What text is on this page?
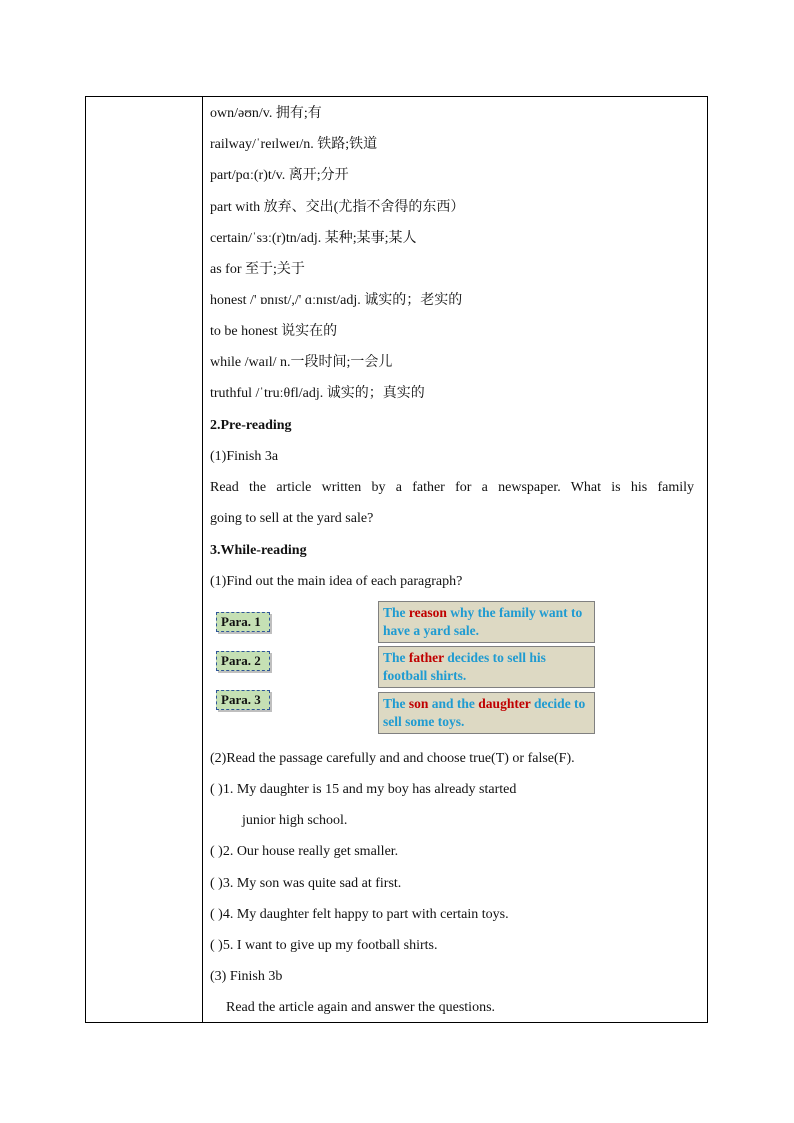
own/əʊn/v. 拥有;有
railway/ˈreɪlweɪ/n. 铁路;铁道
part/pɑː(r)t/v. 离开;分开
part with 放弃、交出(尤指不舍得的东西）
certain/ˈsɜː(r)tn/adj. 某种;某事;某人
as for 至于;关于
honest /' ɒnɪst/,/' ɑːnɪst/adj. 诚实的；老实的
to be honest 说实在的
while /waɪl/ n.一段时间;一会儿
truthful /ˈtruːθfl/adj. 诚实的；真实的
2.Pre-reading
(1)Finish 3a
Read the article written by a father for a newspaper. What is his family
going to sell at the yard sale?
3.While-reading
(1)Find out the main idea of each paragraph?
Para. 1
Para. 2
Para. 3
The reason why the family want to have a yard sale.
The father decides to sell his football shirts.
The son and the daughter decide to sell some toys.
(2)Read the passage carefully and and choose true(T) or false(F).
( )1. My daughter is 15 and my boy has already started
junior high school.
( )2. Our house really get smaller.
( )3. My son was quite sad at first.
( )4. My daughter felt happy to part with certain toys.
( )5. I want to give up my football shirts.
(3) Finish 3b
Read the article again and answer the questions.
